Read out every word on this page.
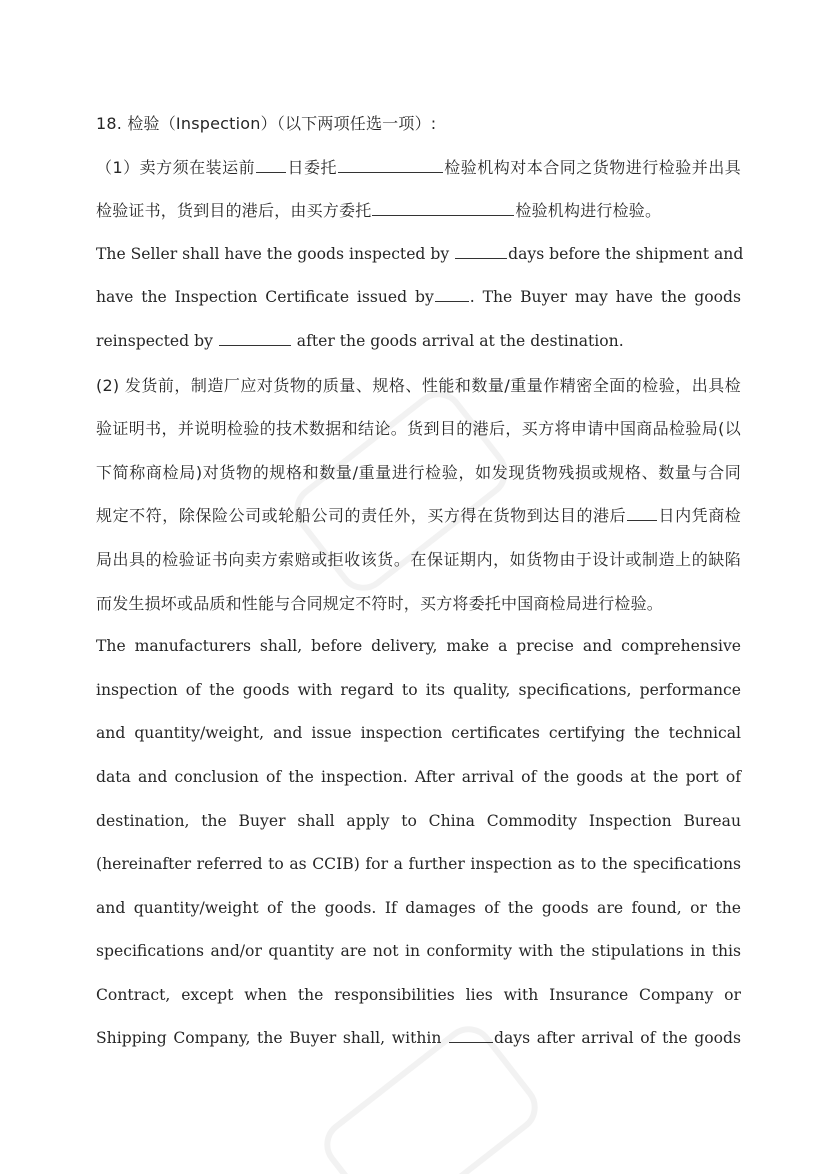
18. 检验（Inspection）（以下两项任选一项）:
（1）卖方须在装运前 日委托	检验机构对本合同之货物进行检验并出具
检验证书，货到目的港后，由买方委托	检验机构进行检验。
The Seller shall have the goods inspected by	days before the shipment and
have the Inspection Certificate issued by . The Buyer may have the goods
reinspected by	after the goods arrival at the destination.
(2) 发货前，制造厂应对货物的质量、规格、性能和数量/重量作精密全面的检验，出具检
验证明书，并说明检验的技术数据和结论。货到目的港后，买方将申请中国商品检验局(以
下简称商检局)对货物的规格和数量/重量进行检验，如发现货物残损或规格、数量与合同
规定不符，除保险公司或轮船公司的责任外，买方得在货物到达目的港后 日内凭商检
局出具的检验证书向卖方索赔或拒收该货。在保证期内，如货物由于设计或制造上的缺陷
而发生损坏或品质和性能与合同规定不符时，买方将委托中国商检局进行检验。
The manufacturers shall, before delivery, make a precise and comprehensive
inspection of the goods with regard to its quality, specifications, performance
and quantity/weight, and issue inspection certificates certifying the technical
data and conclusion of the inspection. After arrival of the goods at the port of
destination, the Buyer shall apply to China Commodity Inspection Bureau
(hereinafter referred to as CCIB) for a further inspection as to the specifications
and quantity/weight of the goods. If damages of the goods are found, or the
specifications and/or quantity are not in conformity with the stipulations in this
Contract, except when the responsibilities lies with Insurance Company or
Shipping Company, the Buyer shall, within	days after arrival of the goods
